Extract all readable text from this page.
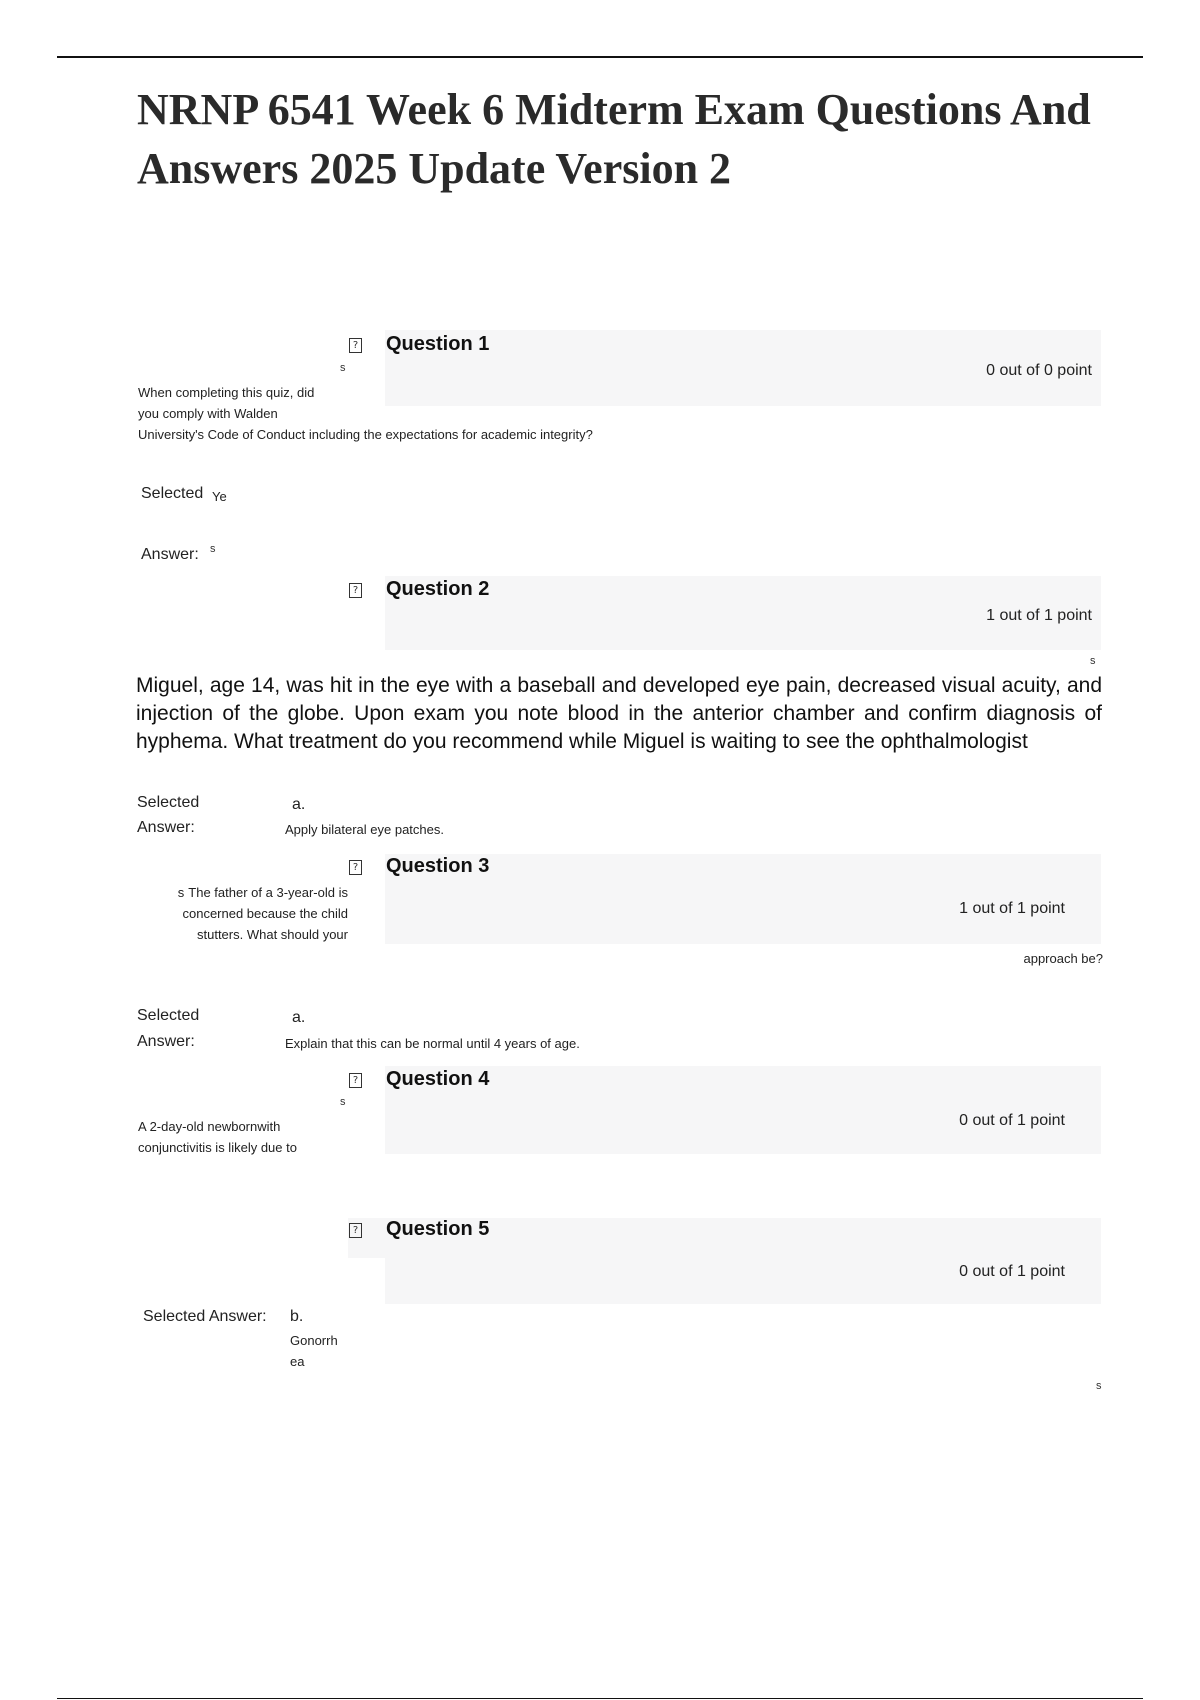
NRNP 6541 Week 6 Midterm Exam Questions And Answers 2025 Update Version 2
? Question 1
s	0 out of 0 point
When completing this quiz, did
you comply with Walden
University's Code of Conduct including the expectations for academic integrity?
Selected Ye
Answer: s
? Question 2
1 out of 1 point
s

Miguel, age 14, was hit in the eye with a baseball and developed eye pain, decreased visual acuity, and injection of the globe. Upon exam you note blood in the anterior chamber and confirm diagnosis of hyphema. What treatment do you recommend while Miguel is waiting to see the ophthalmologist

Selected
Answer:
a.
Apply bilateral eye patches.
? Question 3
1 out of 1 point
s The father of a 3-year-old is
concerned because the child
stutters. What should your
approach be?
Selected
Answer:
a.
Explain that this can be normal until 4 years of age.
? Question 4
s
0 out of 1 point
A 2-day-old newbornwith
conjunctivitis is likely due to
? Question 5
0 out of 1 point
Selected Answer: b.
Gonorrh
ea
s
